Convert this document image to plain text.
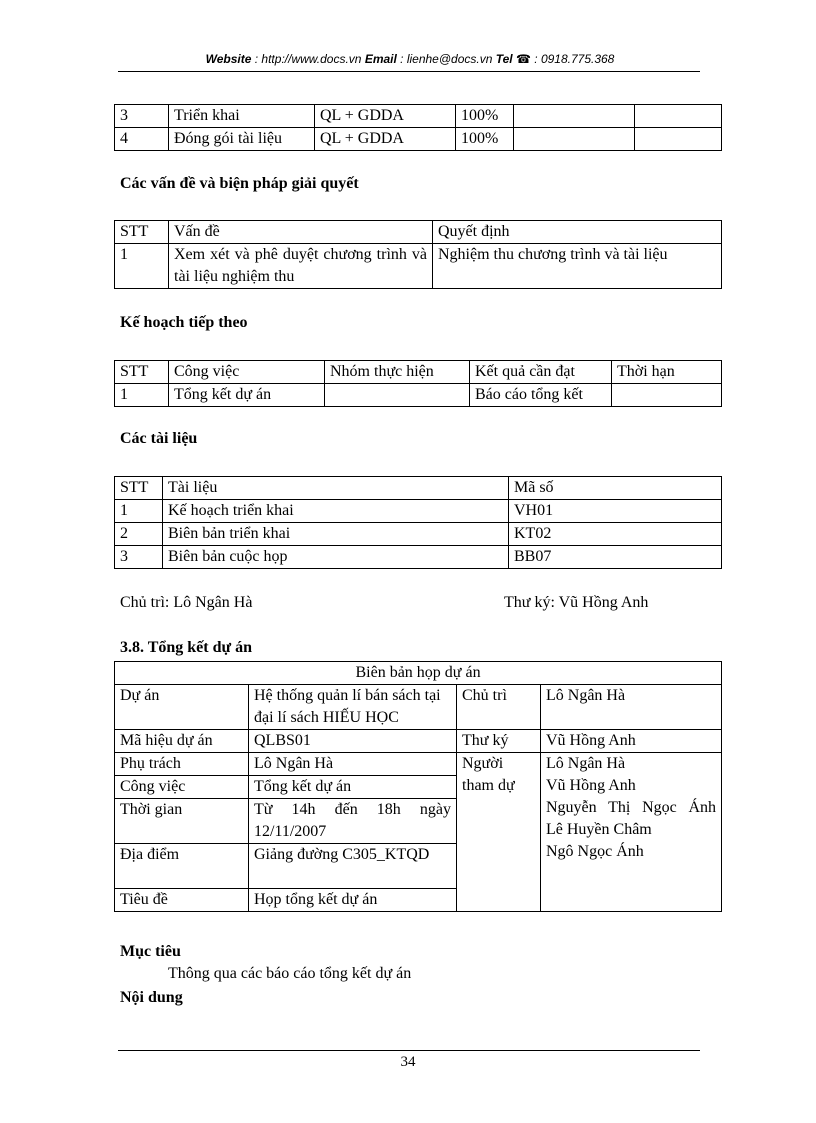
Website : http://www.docs.vn Email : lienhe@docs.vn Tel ☎ : 0918.775.368
3	Triển khai	QL + GDDA	100%		
4	Đóng gói tài liệu	QL + GDDA	100%		
Các vấn đề và biện pháp giải quyết
STT	Vấn đề	Quyết định
1	Xem xét và phê duyệt chương trình và tài liệu nghiệm thu	Nghiệm thu chương trình và tài liệu
Kế hoạch tiếp theo
STT	Công việc	Nhóm thực hiện	Kết quả cần đạt	Thời hạn
1	Tổng kết dự án		Báo cáo tổng kết	
Các tài liệu
STT	Tài liệu	Mã số
1	Kế hoạch triển khai	VH01
2	Biên bản triển khai	KT02
3	Biên bản cuộc họp	BB07
Chủ trì: Lô Ngân Hà	Thư ký: Vũ Hồng Anh
3.8. Tổng kết dự án
Biên bản họp dự án				
Dự án	Hệ thống quản lí bán sách tại đại lí sách HIẾU HỌC	Chủ trì	Lô Ngân Hà	
Mã hiệu dự án	QLBS01	Thư ký	Vũ Hồng Anh	
Phụ trách	Lô Ngân Hà	Người tham dự	Lô Ngân Hà
Vũ Hồng Anh
Nguyễn Thị Ngọc Ánh
Lê Huyền Châm
Ngô Ngọc Ánh	

Công việc	Tổng kết dự án			
Thời gian	Từ 14h đến 18h ngày 12/11/2007			
Địa điểm	Giảng đường C305_KTQD			
Tiêu đề	Họp tổng kết dự án		
Mục tiêu
Thông qua các báo cáo tổng kết dự án
Nội dung
34
